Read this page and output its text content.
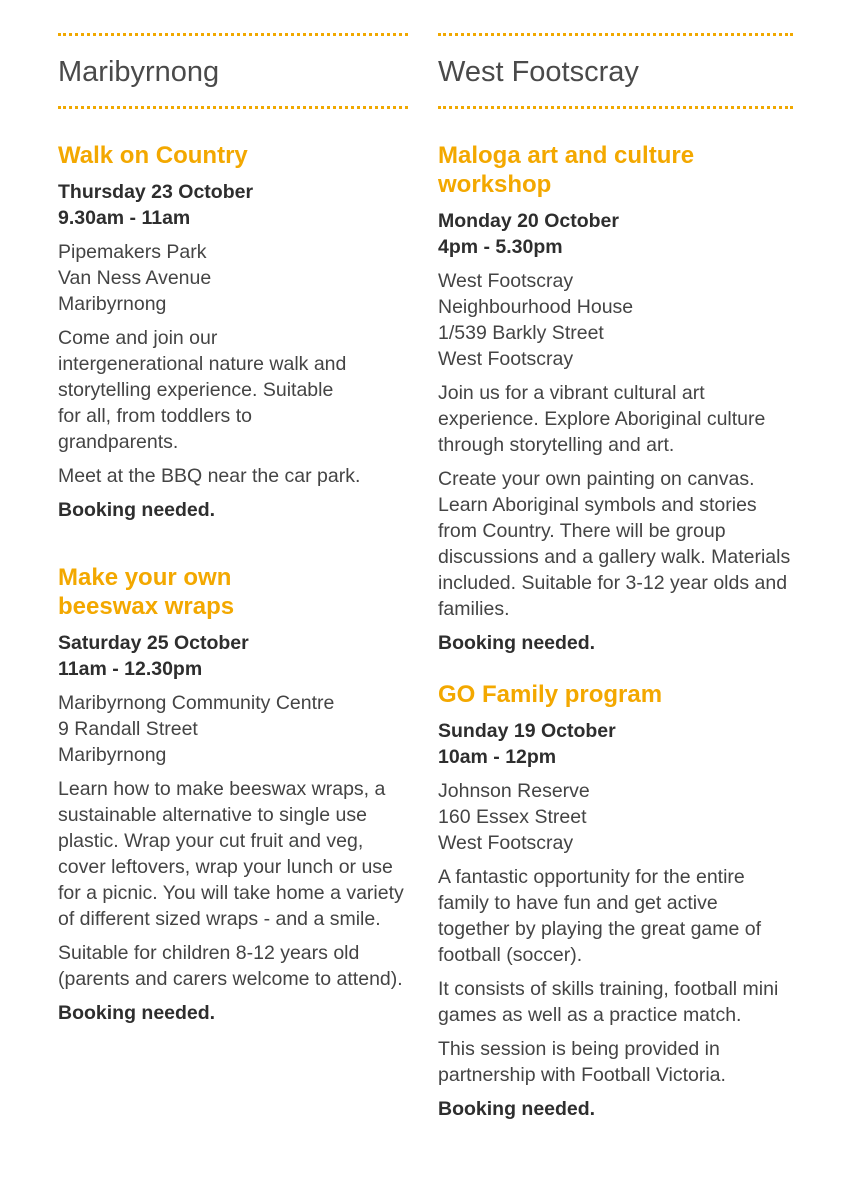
Maribyrnong
Walk on Country
Thursday 23 October
9.30am - 11am
Pipemakers Park
Van Ness Avenue
Maribyrnong

Come and join our intergenerational nature walk and storytelling experience. Suitable for all, from toddlers to grandparents.

Meet at the BBQ near the car park.

Booking needed.

Make your own beeswax wraps
Saturday 25 October
11am - 12.30pm
Maribyrnong Community Centre
9 Randall Street
Maribyrnong

Learn how to make beeswax wraps, a sustainable alternative to single use plastic. Wrap your cut fruit and veg, cover leftovers, wrap your lunch or use for a picnic. You will take home a variety of different sized wraps - and a smile.

Suitable for children 8-12 years old (parents and carers welcome to attend).

Booking needed.

West Footscray
Maloga art and culture workshop
Monday 20 October
4pm - 5.30pm
West Footscray
Neighbourhood House
1/539 Barkly Street
West Footscray

Join us for a vibrant cultural art experience. Explore Aboriginal culture through storytelling and art.

Create your own painting on canvas. Learn Aboriginal symbols and stories from Country. There will be group discussions and a gallery walk. Materials included. Suitable for 3-12 year olds and families.

Booking needed.

GO Family program
Sunday 19 October
10am - 12pm
Johnson Reserve
160 Essex Street
West Footscray

A fantastic opportunity for the entire family to have fun and get active together by playing the great game of football (soccer).

It consists of skills training, football mini games as well as a practice match.

This session is being provided in partnership with Football Victoria.

Booking needed.
